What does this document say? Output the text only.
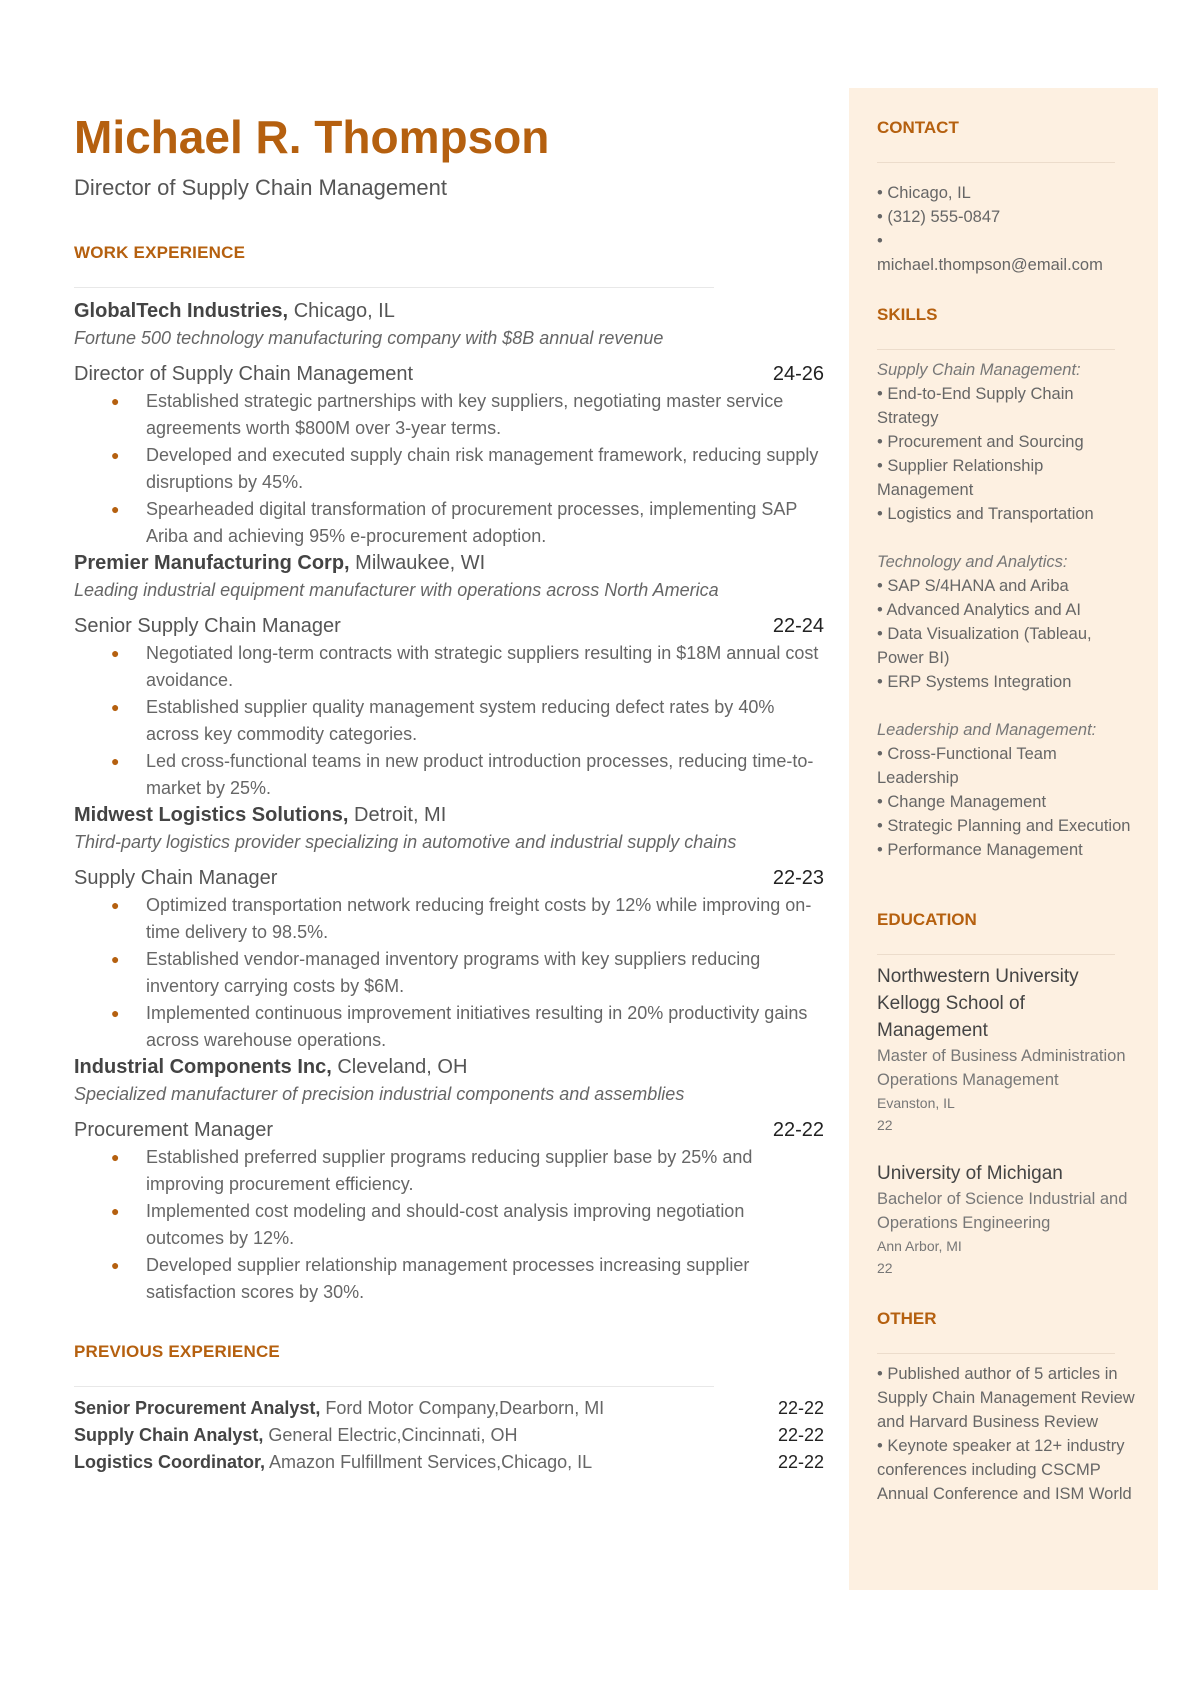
Michael R. Thompson
Director of Supply Chain Management
WORK EXPERIENCE
GlobalTech Industries, Chicago, IL
Fortune 500 technology manufacturing company with $8B annual revenue
Director of Supply Chain Management	24-26
● Established strategic partnerships with key suppliers, negotiating master service agreements worth $800M over 3-year terms.
● Developed and executed supply chain risk management framework, reducing supply disruptions by 45%.
● Spearheaded digital transformation of procurement processes, implementing SAP Ariba and achieving 95% e-procurement adoption.
Premier Manufacturing Corp, Milwaukee, WI
Leading industrial equipment manufacturer with operations across North America
Senior Supply Chain Manager	22-24
● Negotiated long-term contracts with strategic suppliers resulting in $18M annual cost avoidance.
● Established supplier quality management system reducing defect rates by 40% across key commodity categories.
● Led cross-functional teams in new product introduction processes, reducing time-to-market by 25%.
Midwest Logistics Solutions, Detroit, MI
Third-party logistics provider specializing in automotive and industrial supply chains
Supply Chain Manager	22-23
● Optimized transportation network reducing freight costs by 12% while improving on-time delivery to 98.5%.
● Established vendor-managed inventory programs with key suppliers reducing inventory carrying costs by $6M.
● Implemented continuous improvement initiatives resulting in 20% productivity gains across warehouse operations.
Industrial Components Inc, Cleveland, OH
Specialized manufacturer of precision industrial components and assemblies
Procurement Manager	22-22
● Established preferred supplier programs reducing supplier base by 25% and improving procurement efficiency.
● Implemented cost modeling and should-cost analysis improving negotiation outcomes by 12%.
● Developed supplier relationship management processes increasing supplier satisfaction scores by 30%.
PREVIOUS EXPERIENCE
Senior Procurement Analyst, Ford Motor Company,Dearborn, MI	22-22
Supply Chain Analyst, General Electric,Cincinnati, OH	22-22
Logistics Coordinator, Amazon Fulfillment Services,Chicago, IL	22-22
CONTACT
• Chicago, IL
• (312) 555-0847
•
michael.thompson@email.com
SKILLS
Supply Chain Management:
• End-to-End Supply Chain Strategy
• Procurement and Sourcing
• Supplier Relationship Management
• Logistics and Transportation
Technology and Analytics:
• SAP S/4HANA and Ariba
• Advanced Analytics and AI
• Data Visualization (Tableau, Power BI)
• ERP Systems Integration
Leadership and Management:
• Cross-Functional Team Leadership
• Change Management
• Strategic Planning and Execution
• Performance Management
EDUCATION
Northwestern University Kellogg School of Management
Master of Business Administration Operations Management
Evanston, IL
22
University of Michigan
Bachelor of Science Industrial and Operations Engineering
Ann Arbor, MI
22
OTHER
• Published author of 5 articles in Supply Chain Management Review and Harvard Business Review
• Keynote speaker at 12+ industry conferences including CSCMP Annual Conference and ISM World
